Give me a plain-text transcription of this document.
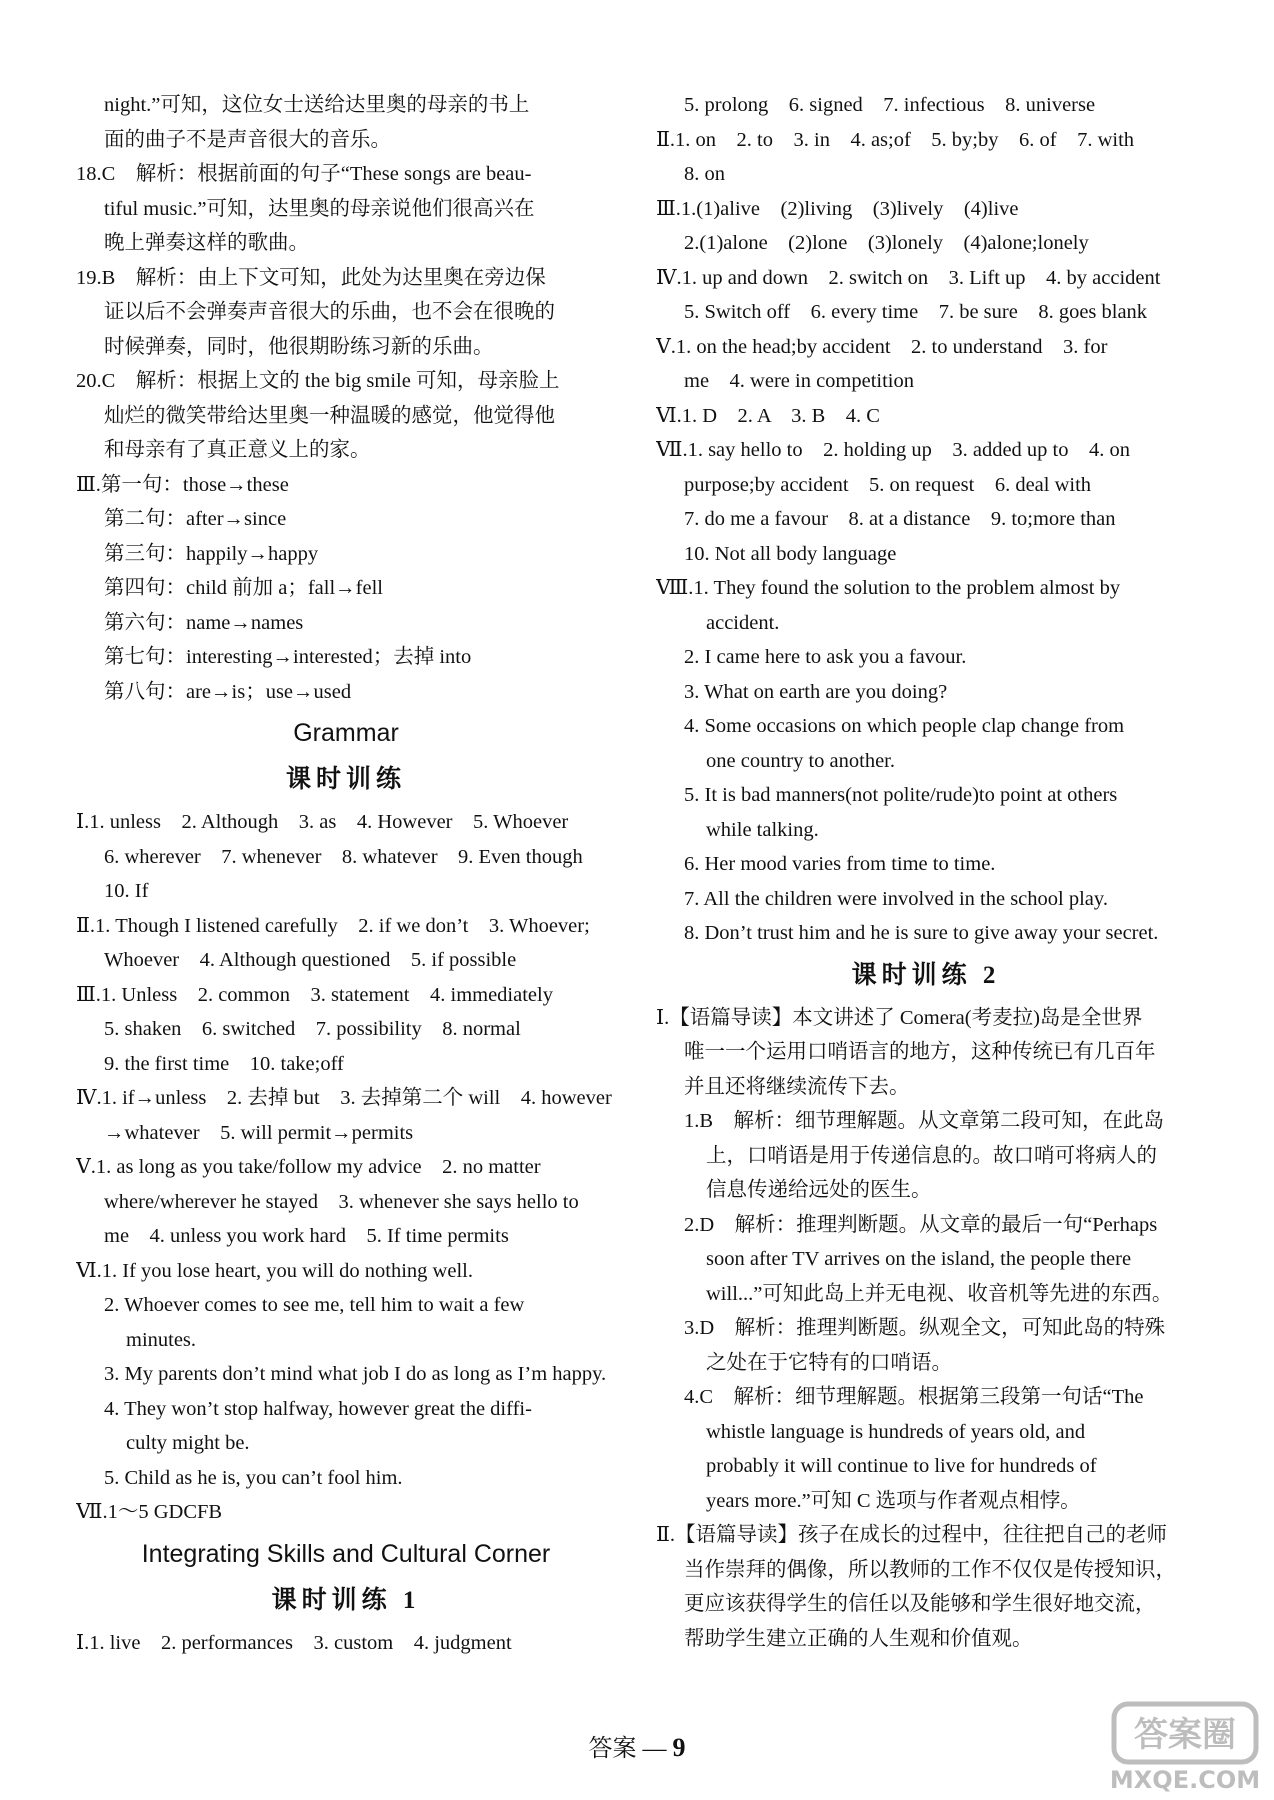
night.”可知，这位女士送给达里奥的母亲的书上
面的曲子不是声音很大的音乐。
18.C　解析：根据前面的句子“These songs are beau-
tiful music.”可知，达里奥的母亲说他们很高兴在
晚上弹奏这样的歌曲。
19.B　解析：由上下文可知，此处为达里奥在旁边保
证以后不会弹奏声音很大的乐曲，也不会在很晚的
时候弹奏，同时，他很期盼练习新的乐曲。
20.C　解析：根据上文的 the big smile 可知，母亲脸上
灿烂的微笑带给达里奥一种温暖的感觉，他觉得他
和母亲有了真正意义上的家。
Ⅲ.第一句：those→these
第二句：after→since
第三句：happily→happy
第四句：child 前加 a；fall→fell
第六句：name→names
第七句：interesting→interested；去掉 into
第八句：are→is；use→used
Grammar
课时训练
Ⅰ.1. unless　2. Although　3. as　4. However　5. Whoever
6. wherever　7. whenever　8. whatever　9. Even though
10. If
Ⅱ.1. Though I listened carefully　2. if we don’t　3. Whoever;
Whoever　4. Although questioned　5. if possible
Ⅲ.1. Unless　2. common　3. statement　4. immediately
5. shaken　6. switched　7. possibility　8. normal
9. the first time　10. take;off
Ⅳ.1. if→unless　2. 去掉 but　3. 去掉第二个 will　4. however
→whatever　5. will permit→permits
Ⅴ.1. as long as you take/follow my advice　2. no matter
where/wherever he stayed　3. whenever she says hello to
me　4. unless you work hard　5. If time permits
Ⅵ.1. If you lose heart, you will do nothing well.
2. Whoever comes to see me, tell him to wait a few
minutes.
3. My parents don’t mind what job I do as long as I’m happy.
4. They won’t stop halfway, however great the diffi-
culty might be.
5. Child as he is, you can’t fool him.
Ⅶ.1～5 GDCFB
Integrating Skills and Cultural Corner
课时训练 1
Ⅰ.1. live　2. performances　3. custom　4. judgment
5. prolong　6. signed　7. infectious　8. universe
Ⅱ.1. on　2. to　3. in　4. as;of　5. by;by　6. of　7. with
8. on
Ⅲ.1.(1)alive　(2)living　(3)lively　(4)live
2.(1)alone　(2)lone　(3)lonely　(4)alone;lonely
Ⅳ.1. up and down　2. switch on　3. Lift up　4. by accident
5. Switch off　6. every time　7. be sure　8. goes blank
Ⅴ.1. on the head;by accident　2. to understand　3. for
me　4. were in competition
Ⅵ.1. D　2. A　3. B　4. C
Ⅶ.1. say hello to　2. holding up　3. added up to　4. on
purpose;by accident　5. on request　6. deal with
7. do me a favour　8. at a distance　9. to;more than
10. Not all body language
Ⅷ.1. They found the solution to the problem almost by
accident.
2. I came here to ask you a favour.
3. What on earth are you doing?
4. Some occasions on which people clap change from
one country to another.
5. It is bad manners(not polite/rude)to point at others
while talking.
6. Her mood varies from time to time.
7. All the children were involved in the school play.
8. Don’t trust him and he is sure to give away your secret.
课时训练 2
Ⅰ.【语篇导读】本文讲述了 Comera(考麦拉)岛是全世界
唯一一个运用口哨语言的地方，这种传统已有几百年
并且还将继续流传下去。
1.B　解析：细节理解题。从文章第二段可知，在此岛
上，口哨语是用于传递信息的。故口哨可将病人的
信息传递给远处的医生。
2.D　解析：推理判断题。从文章的最后一句“Perhaps
soon after TV arrives on the island, the people there
will...”可知此岛上并无电视、收音机等先进的东西。
3.D　解析：推理判断题。纵观全文，可知此岛的特殊
之处在于它特有的口哨语。
4.C　解析：细节理解题。根据第三段第一句话“The
whistle language is hundreds of years old, and
probably it will continue to live for hundreds of
years more.”可知 C 选项与作者观点相悖。
Ⅱ.【语篇导读】孩子在成长的过程中，往往把自己的老师
当作崇拜的偶像，所以教师的工作不仅仅是传授知识，
更应该获得学生的信任以及能够和学生很好地交流，
帮助学生建立正确的人生观和价值观。
答案 — 9	答案圈
MXQE.COM
